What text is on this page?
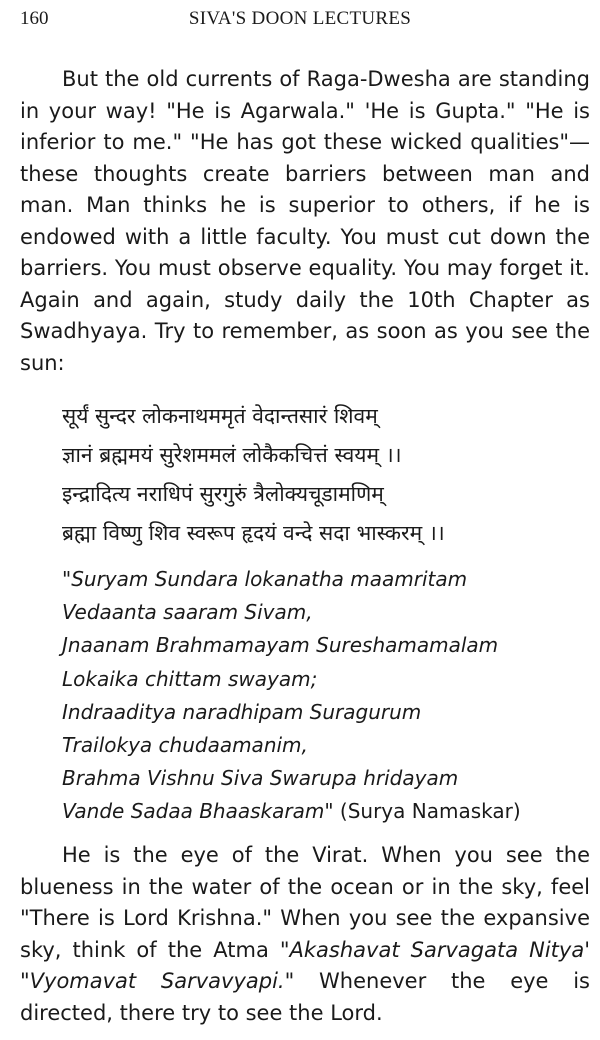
160	SIVA'S DOON LECTURES

But the old currents of Raga-Dwesha are standing in your way! "He is Agarwala." 'He is Gupta." "He is inferior to me." "He has got these wicked qualities"— these thoughts create barriers between man and man. Man thinks he is superior to others, if he is endowed with a little faculty. You must cut down the barriers. You must observe equality. You may forget it. Again and again, study daily the 10th Chapter as Swadhyaya. Try to remember, as soon as you see the sun:

सूर्यं सुन्दर लोकनाथममृतं वेदान्तसारं शिवम्
ज्ञानं ब्रह्ममयं सुरेशममलं लोकैकचित्तं स्वयम् ।।
इन्द्रादित्य नराधिपं सुरगुरुं त्रैलोक्यचूडामणिम्
ब्रह्मा विष्णु शिव स्वरूप हृदयं वन्दे सदा भास्करम् ।।
"Suryam Sundara lokanatha maamritam
Vedaanta saaram Sivam,
Jnaanam Brahmamayam Sureshamamalam
Lokaika chittam swayam;
Indraaditya naradhipam Suragurum
Trailokya chudaamanim,
Brahma Vishnu Siva Swarupa hridayam
Vande Sadaa Bhaaskaram" (Surya Namaskar)

He is the eye of the Virat. When you see the blueness in the water of the ocean or in the sky, feel "There is Lord Krishna." When you see the expansive sky, think of the Atma "Akashavat Sarvagata Nitya' "Vyomavat Sarvavyapi." Whenever the eye is directed, there try to see the Lord.
